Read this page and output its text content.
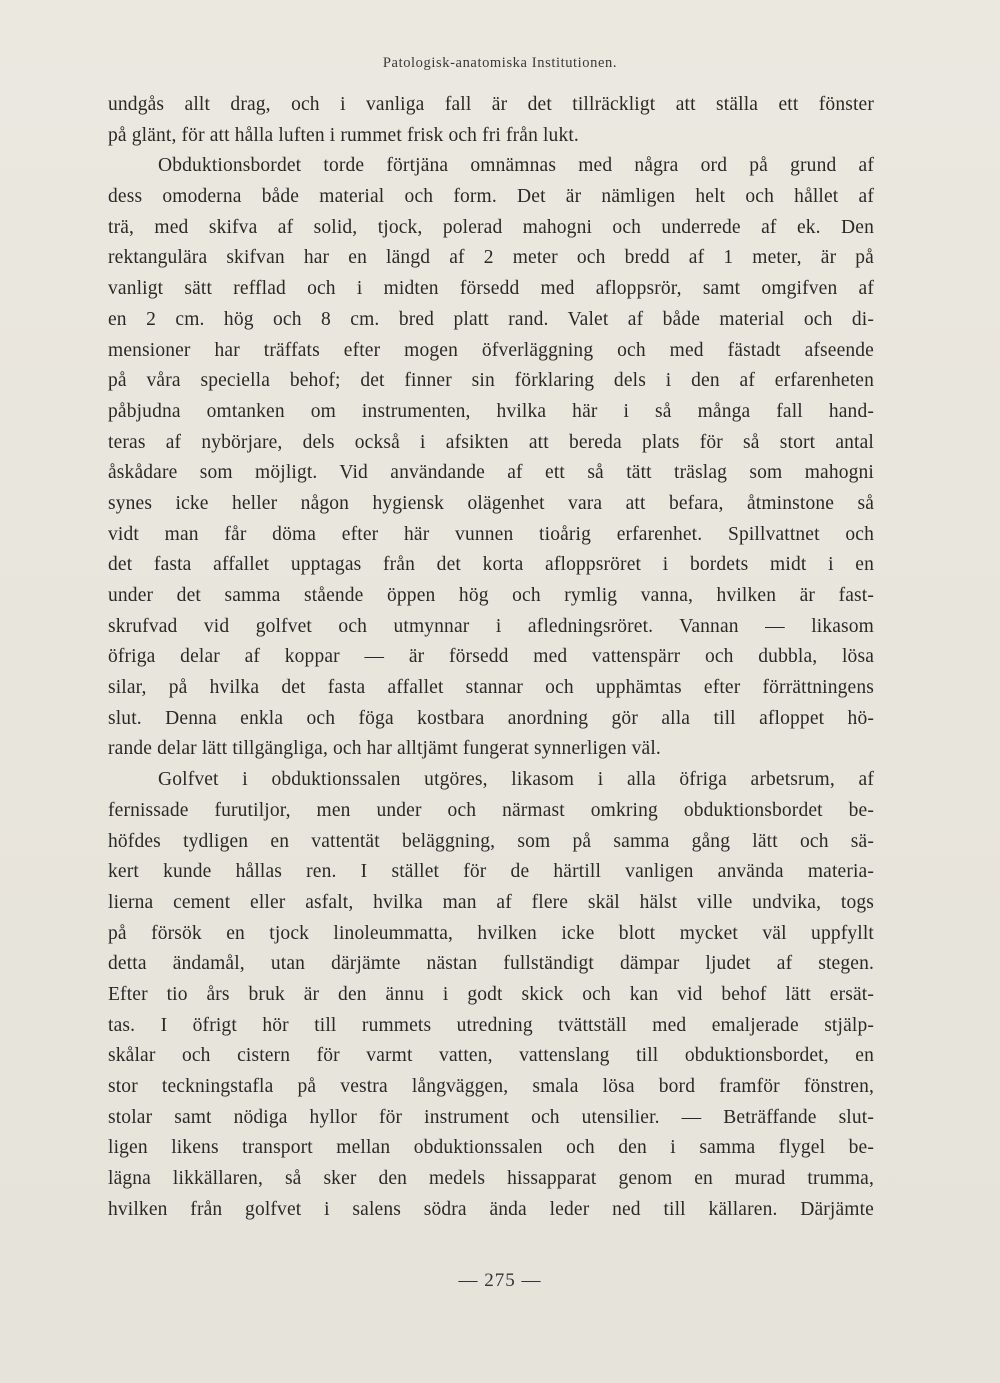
Patologisk-anatomiska Institutionen.
undgås allt drag, och i vanliga fall är det tillräckligt att ställa ett fönster
på glänt, för att hålla luften i rummet frisk och fri från lukt.
Obduktionsbordet torde förtjäna omnämnas med några ord på grund af
dess omoderna både material och form. Det är nämligen helt och hållet af
trä, med skifva af solid, tjock, polerad mahogni och underrede af ek. Den
rektangulära skifvan har en längd af 2 meter och bredd af 1 meter, är på
vanligt sätt refflad och i midten försedd med afloppsrör, samt omgifven af
en 2 cm. hög och 8 cm. bred platt rand. Valet af både material och di-
mensioner har träffats efter mogen öfverläggning och med fästadt afseende
på våra speciella behof; det finner sin förklaring dels i den af erfarenheten
påbjudna omtanken om instrumenten, hvilka här i så många fall hand-
teras af nybörjare, dels också i afsikten att bereda plats för så stort antal
åskådare som möjligt. Vid användande af ett så tätt träslag som mahogni
synes icke heller någon hygiensk olägenhet vara att befara, åtminstone så
vidt man får döma efter här vunnen tioårig erfarenhet. Spillvattnet och
det fasta affallet upptagas från det korta afloppsröret i bordets midt i en
under det samma stående öppen hög och rymlig vanna, hvilken är fast-
skrufvad vid golfvet och utmynnar i afledningsröret. Vannan — likasom
öfriga delar af koppar — är försedd med vattenspärr och dubbla, lösa
silar, på hvilka det fasta affallet stannar och upphämtas efter förrättningens
slut. Denna enkla och föga kostbara anordning gör alla till afloppet hö-
rande delar lätt tillgängliga, och har alltjämt fungerat synnerligen väl.
Golfvet i obduktionssalen utgöres, likasom i alla öfriga arbetsrum, af
fernissade furutiljor, men under och närmast omkring obduktionsbordet be-
höfdes tydligen en vattentät beläggning, som på samma gång lätt och sä-
kert kunde hållas ren. I stället för de härtill vanligen använda materia-
lierna cement eller asfalt, hvilka man af flere skäl hälst ville undvika, togs
på försök en tjock linoleummatta, hvilken icke blott mycket väl uppfyllt
detta ändamål, utan därjämte nästan fullständigt dämpar ljudet af stegen.
Efter tio års bruk är den ännu i godt skick och kan vid behof lätt ersät-
tas. I öfrigt hör till rummets utredning tvättställ med emaljerade stjälp-
skålar och cistern för varmt vatten, vattenslang till obduktionsbordet, en
stor teckningstafla på vestra långväggen, smala lösa bord framför fönstren,
stolar samt nödiga hyllor för instrument och utensilier. — Beträffande slut-
ligen likens transport mellan obduktionssalen och den i samma flygel be-
lägna likkällaren, så sker den medels hissapparat genom en murad trumma,
hvilken från golfvet i salens södra ända leder ned till källaren. Därjämte
— 275 —
